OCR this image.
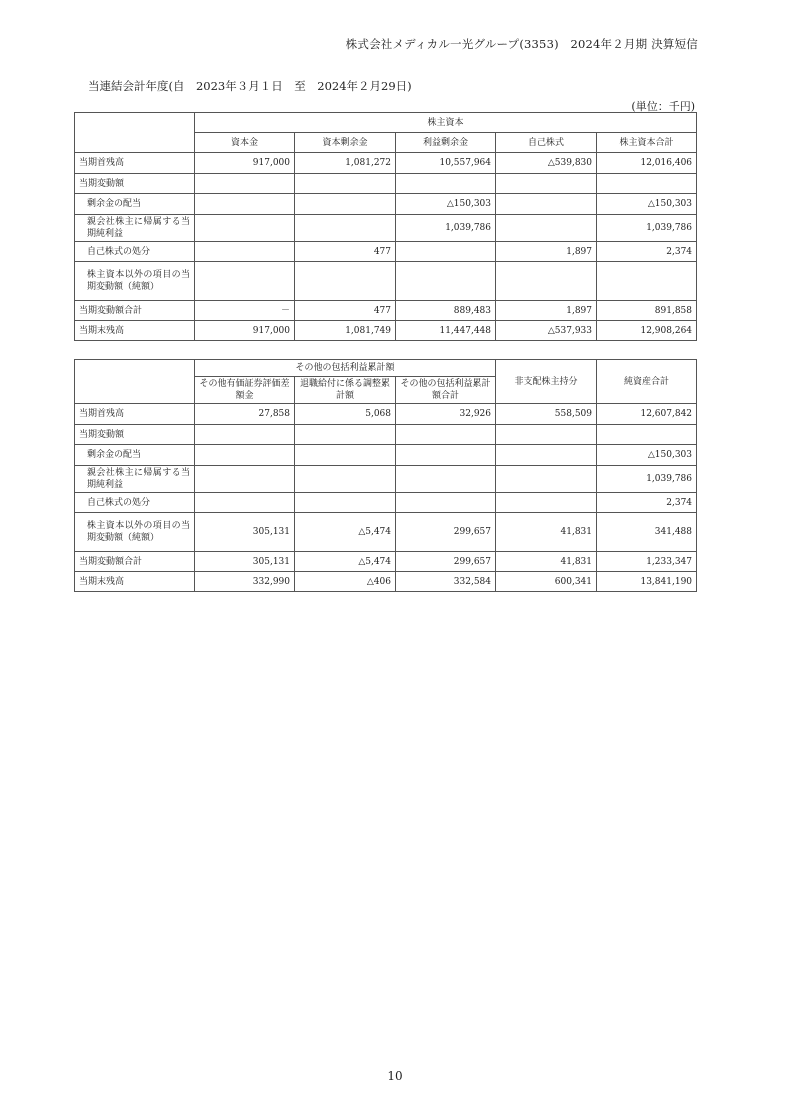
株式会社メディカル一光グループ(3353)　2024年２月期 決算短信
当連結会計年度(自　2023年３月１日　至　2024年２月29日)
(単位：千円)
	株主資本				
	資本金	資本剰余金	利益剰余金	自己株式	株主資本合計
当期首残高	917,000	1,081,272	10,557,964	△539,830	12,016,406
当期変動額					
剰余金の配当			△150,303		△150,303
親会社株主に帰属する当期純利益			1,039,786		1,039,786
自己株式の処分		477		1,897	2,374
株主資本以外の項目の当期変動額（純額）					
当期変動額合計	－	477	889,483	1,897	891,858
当期末残高	917,000	1,081,749	11,447,448	△537,933	12,908,264
	その他の包括利益累計額			非支配株主持分	純資産合計
	その他有価証券評価差額金	退職給付に係る調整累計額	その他の包括利益累計額合計		
当期首残高	27,858	5,068	32,926	558,509	12,607,842
当期変動額					
剰余金の配当					△150,303
親会社株主に帰属する当期純利益					1,039,786
自己株式の処分					2,374
株主資本以外の項目の当期変動額（純額）	305,131	△5,474	299,657	41,831	341,488
当期変動額合計	305,131	△5,474	299,657	41,831	1,233,347
当期末残高	332,990	△406	332,584	600,341	13,841,190
10
